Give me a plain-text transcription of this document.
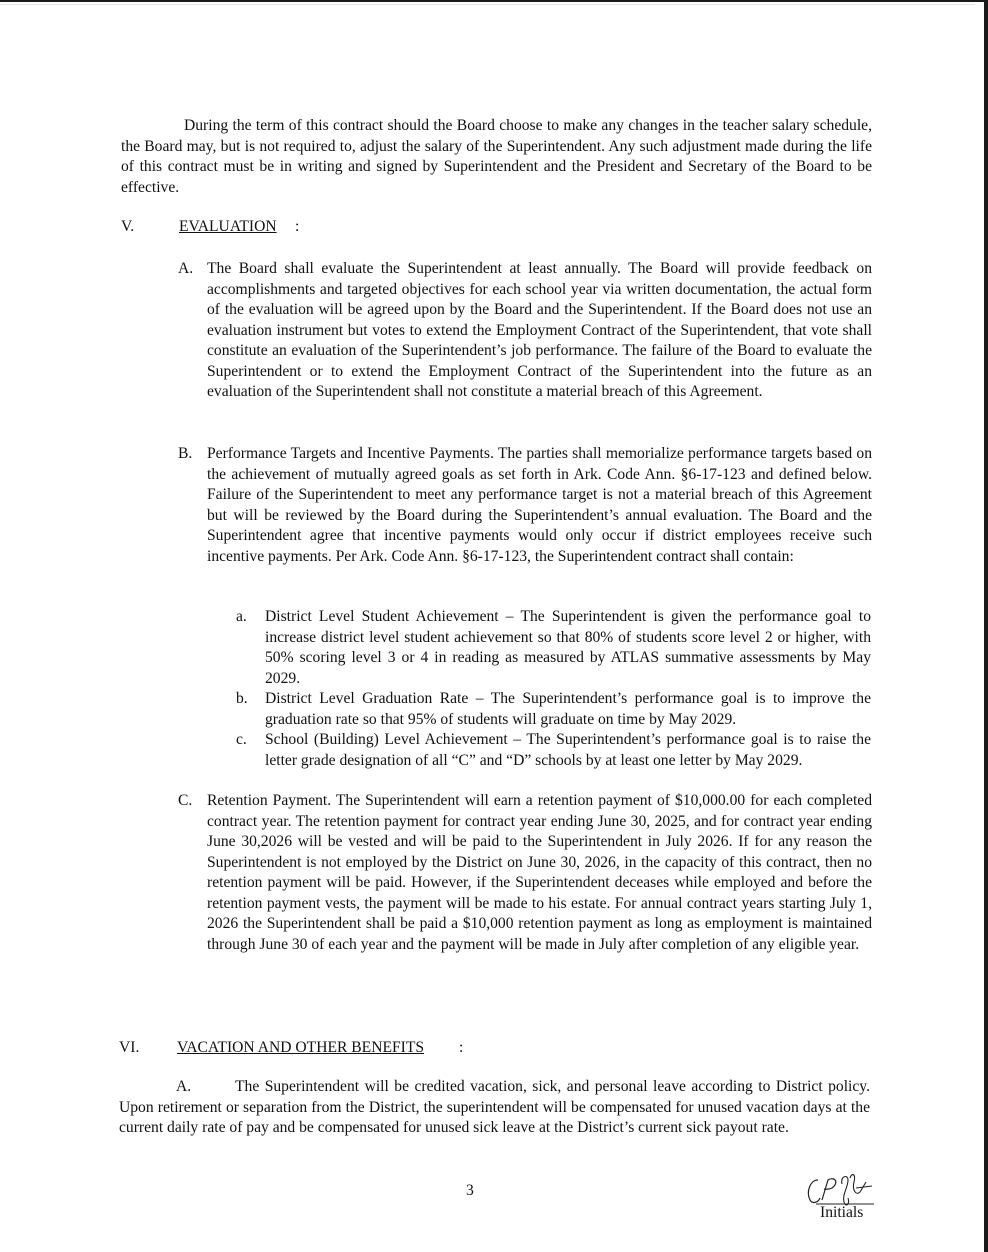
During the term of this contract should the Board choose to make any changes in the teacher salary schedule, the Board may, but is not required to, adjust the salary of the Superintendent. Any such adjustment made during the life of this contract must be in writing and signed by Superintendent and the President and Secretary of the Board to be effective.

V.	EVALUATION :
A. The Board shall evaluate the Superintendent at least annually. The Board will provide feedback on accomplishments and targeted objectives for each school year via written documentation, the actual form of the evaluation will be agreed upon by the Board and the Superintendent. If the Board does not use an evaluation instrument but votes to extend the Employment Contract of the Superintendent, that vote shall constitute an evaluation of the Superintendent’s job performance. The failure of the Board to evaluate the Superintendent or to extend the Employment Contract of the Superintendent into the future as an evaluation of the Superintendent shall not constitute a material breach of this Agreement.
B. Performance Targets and Incentive Payments. The parties shall memorialize performance targets based on the achievement of mutually agreed goals as set forth in Ark. Code Ann. §6-17-123 and defined below. Failure of the Superintendent to meet any performance target is not a material breach of this Agreement but will be reviewed by the Board during the Superintendent’s annual evaluation. The Board and the Superintendent agree that incentive payments would only occur if district employees receive such incentive payments. Per Ark. Code Ann. §6-17-123, the Superintendent contract shall contain:
a. District Level Student Achievement – The Superintendent is given the performance goal to increase district level student achievement so that 80% of students score level 2 or higher, with 50% scoring level 3 or 4 in reading as measured by ATLAS summative assessments by May 2029.
b. District Level Graduation Rate – The Superintendent’s performance goal is to improve the graduation rate so that 95% of students will graduate on time by May 2029.
c. School (Building) Level Achievement – The Superintendent’s performance goal is to raise the letter grade designation of all “C” and “D” schools by at least one letter by May 2029.
C. Retention Payment. The Superintendent will earn a retention payment of $10,000.00 for each completed contract year. The retention payment for contract year ending June 30, 2025, and for contract year ending June 30,2026 will be vested and will be paid to the Superintendent in July 2026. If for any reason the Superintendent is not employed by the District on June 30, 2026, in the capacity of this contract, then no retention payment will be paid. However, if the Superintendent deceases while employed and before the retention payment vests, the payment will be made to his estate. For annual contract years starting July 1, 2026 the Superintendent shall be paid a $10,000 retention payment as long as employment is maintained through June 30 of each year and the payment will be made in July after completion of any eligible year.
VI. VACATION AND OTHER BENEFITS :
A.	The Superintendent will be credited vacation, sick, and personal leave according to District policy. Upon retirement or separation from the District, the superintendent will be compensated for unused vacation days at the current daily rate of pay and be compensated for unused sick leave at the District’s current sick payout rate.
3
Initials
